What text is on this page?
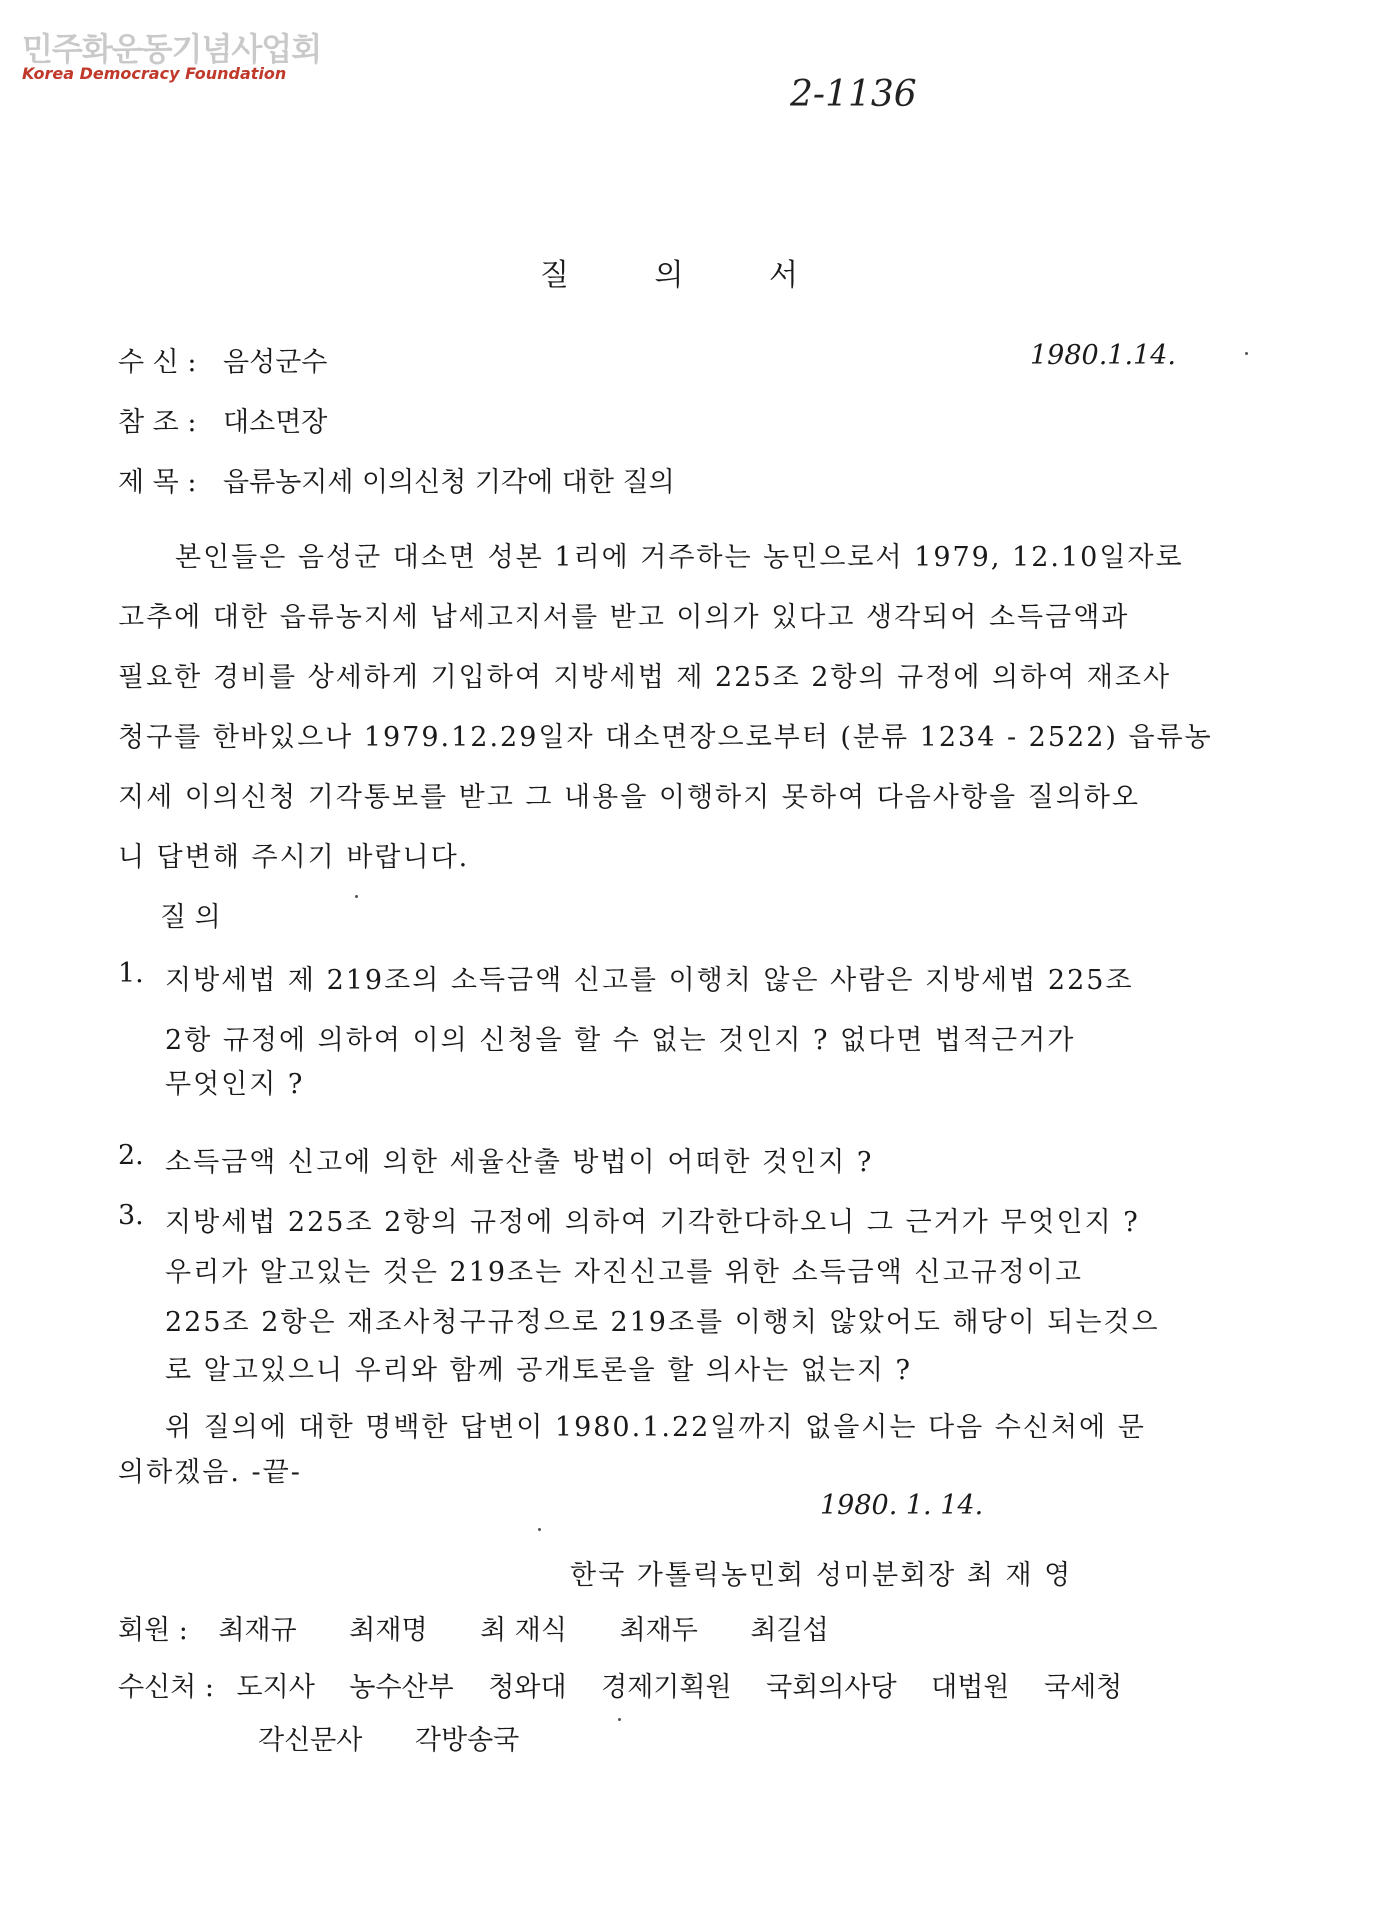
민주화운동기념사업회
Korea Democracy Foundation
2-1136
질 의 서
수 신 : 음성군수	1980.1.14.
참 조 : 대소면장
제 목 : 읍류농지세 이의신청 기각에 대한 질의
본인들은 음성군 대소면 성본 1리에 거주하는 농민으로서 1979, 12.10일자로
고추에 대한 읍류농지세 납세고지서를 받고 이의가 있다고 생각되어 소득금액과
필요한 경비를 상세하게 기입하여 지방세법 제 225조 2항의 규정에 의하여 재조사
청구를 한바있으나 1979.12.29일자 대소면장으로부터 (분류 1234 - 2522) 읍류농
지세 이의신청 기각통보를 받고 그 내용을 이행하지 못하여 다음사항을 질의하오
니 답변해 주시기 바랍니다.
질 의
1. 지방세법 제 219조의 소득금액 신고를 이행치 않은 사람은 지방세법 225조
2항 규정에 의하여 이의 신청을 할 수 없는 것인지 ? 없다면 법적근거가
무엇인지 ?
2. 소득금액 신고에 의한 세율산출 방법이 어떠한 것인지 ?
3. 지방세법 225조 2항의 규정에 의하여 기각한다하오니 그 근거가 무엇인지 ?
우리가 알고있는 것은 219조는 자진신고를 위한 소득금액 신고규정이고
225조 2항은 재조사청구규정으로 219조를 이행치 않았어도 해당이 되는것으
로 알고있으니 우리와 함께 공개토론을 할 의사는 없는지 ?
위 질의에 대한 명백한 답변이 1980.1.22일까지 없을시는 다음 수신처에 문
의하겠음. -끝-
1980. 1. 14.
한국 가톨릭농민회 성미분회장 최 재 영
회원 : 최재규 최재명 최 재식 최재두 최길섭
수신처 : 도지사 농수산부 청와대 경제기획원 국회의사당 대법원 국세청
각신문사 각방송국
